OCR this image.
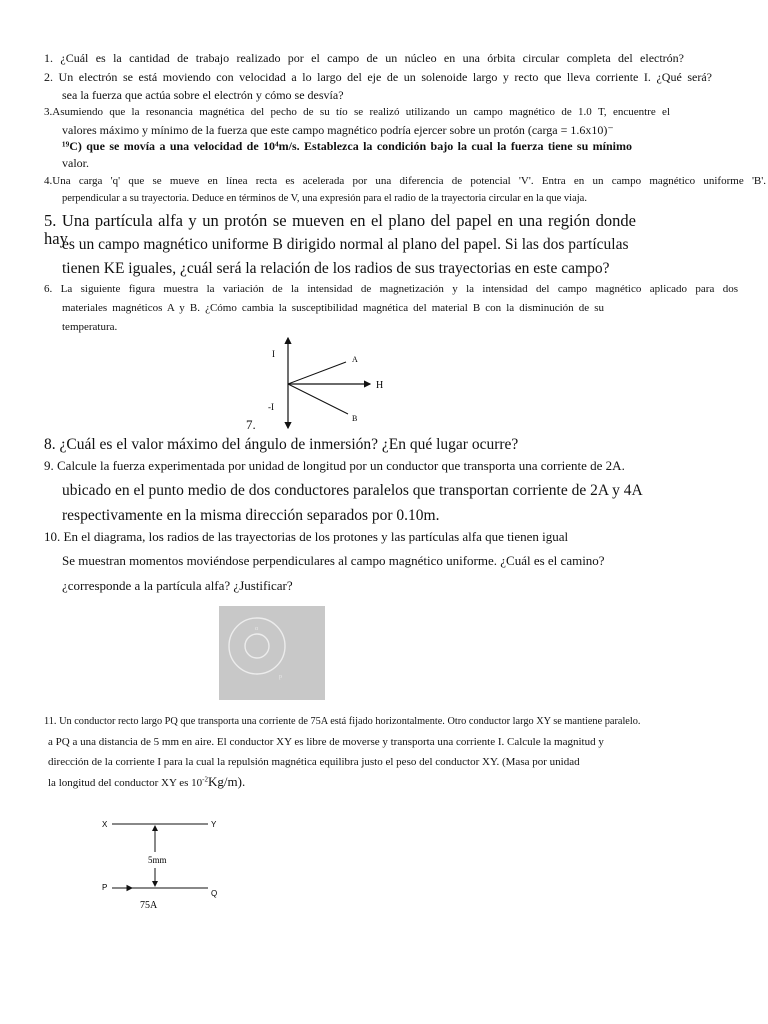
1. ¿Cuál es la cantidad de trabajo realizado por el campo de un núcleo en una órbita circular completa del electrón?
2. Un electrón se está moviendo con velocidad a lo largo del eje de un solenoide largo y recto que lleva corriente I. ¿Qué será?
sea la fuerza que actúa sobre el electrón y cómo se desvía?
3.Asumiendo que la resonancia magnética del pecho de su tío se realizó utilizando un campo magnético de 1.0 T, encuentre el
valores máximo y mínimo de la fuerza que este campo magnético podría ejercer sobre un protón (carga = 1.6x10)⁻
¹⁹C) que se movía a una velocidad de 10⁴m/s. Establezca la condición bajo la cual la fuerza tiene su mínimo
valor.
4.Una carga 'q' que se mueve en línea recta es acelerada por una diferencia de potencial 'V'. Entra en un campo magnético uniforme 'B'.
perpendicular a su trayectoria. Deduce en términos de V, una expresión para el radio de la trayectoria circular en la que viaja.
5. Una partícula alfa y un protón se mueven en el plano del papel en una región donde hay
es un campo magnético uniforme B dirigido normal al plano del papel. Si las dos partículas
tienen KE iguales, ¿cuál será la relación de los radios de sus trayectorias en este campo?
6. La siguiente figura muestra la variación de la intensidad de magnetización y la intensidad del campo magnético aplicado para dos
materiales magnéticos A y B. ¿Cómo cambia la susceptibilidad magnética del material B con la disminución de su
temperatura.
I
-I
H
A
B
7.
8. ¿Cuál es el valor máximo del ángulo de inmersión? ¿En qué lugar ocurre?
9. Calcule la fuerza experimentada por unidad de longitud por un conductor que transporta una corriente de 2A.
ubicado en el punto medio de dos conductores paralelos que transportan corriente de 2A y 4A
respectivamente en la misma dirección separados por 0.10m.
10. En el diagrama, los radios de las trayectorias de los protones y las partículas alfa que tienen igual
Se muestran momentos moviéndose perpendiculares al campo magnético uniforme. ¿Cuál es el camino?
¿corresponde a la partícula alfa? ¿Justificar?
α
p
11. Un conductor recto largo PQ que transporta una corriente de 75A está fijado horizontalmente. Otro conductor largo XY se mantiene paralelo.
a PQ a una distancia de 5 mm en aire. El conductor XY es libre de moverse y transporta una corriente I. Calcule la magnitud y
dirección de la corriente I para la cual la repulsión magnética equilibra justo el peso del conductor XY. (Masa por unidad
la longitud del conductor XY es $10^{-2}Kg/m$).
X	Y
P
Q
5mm
75A
